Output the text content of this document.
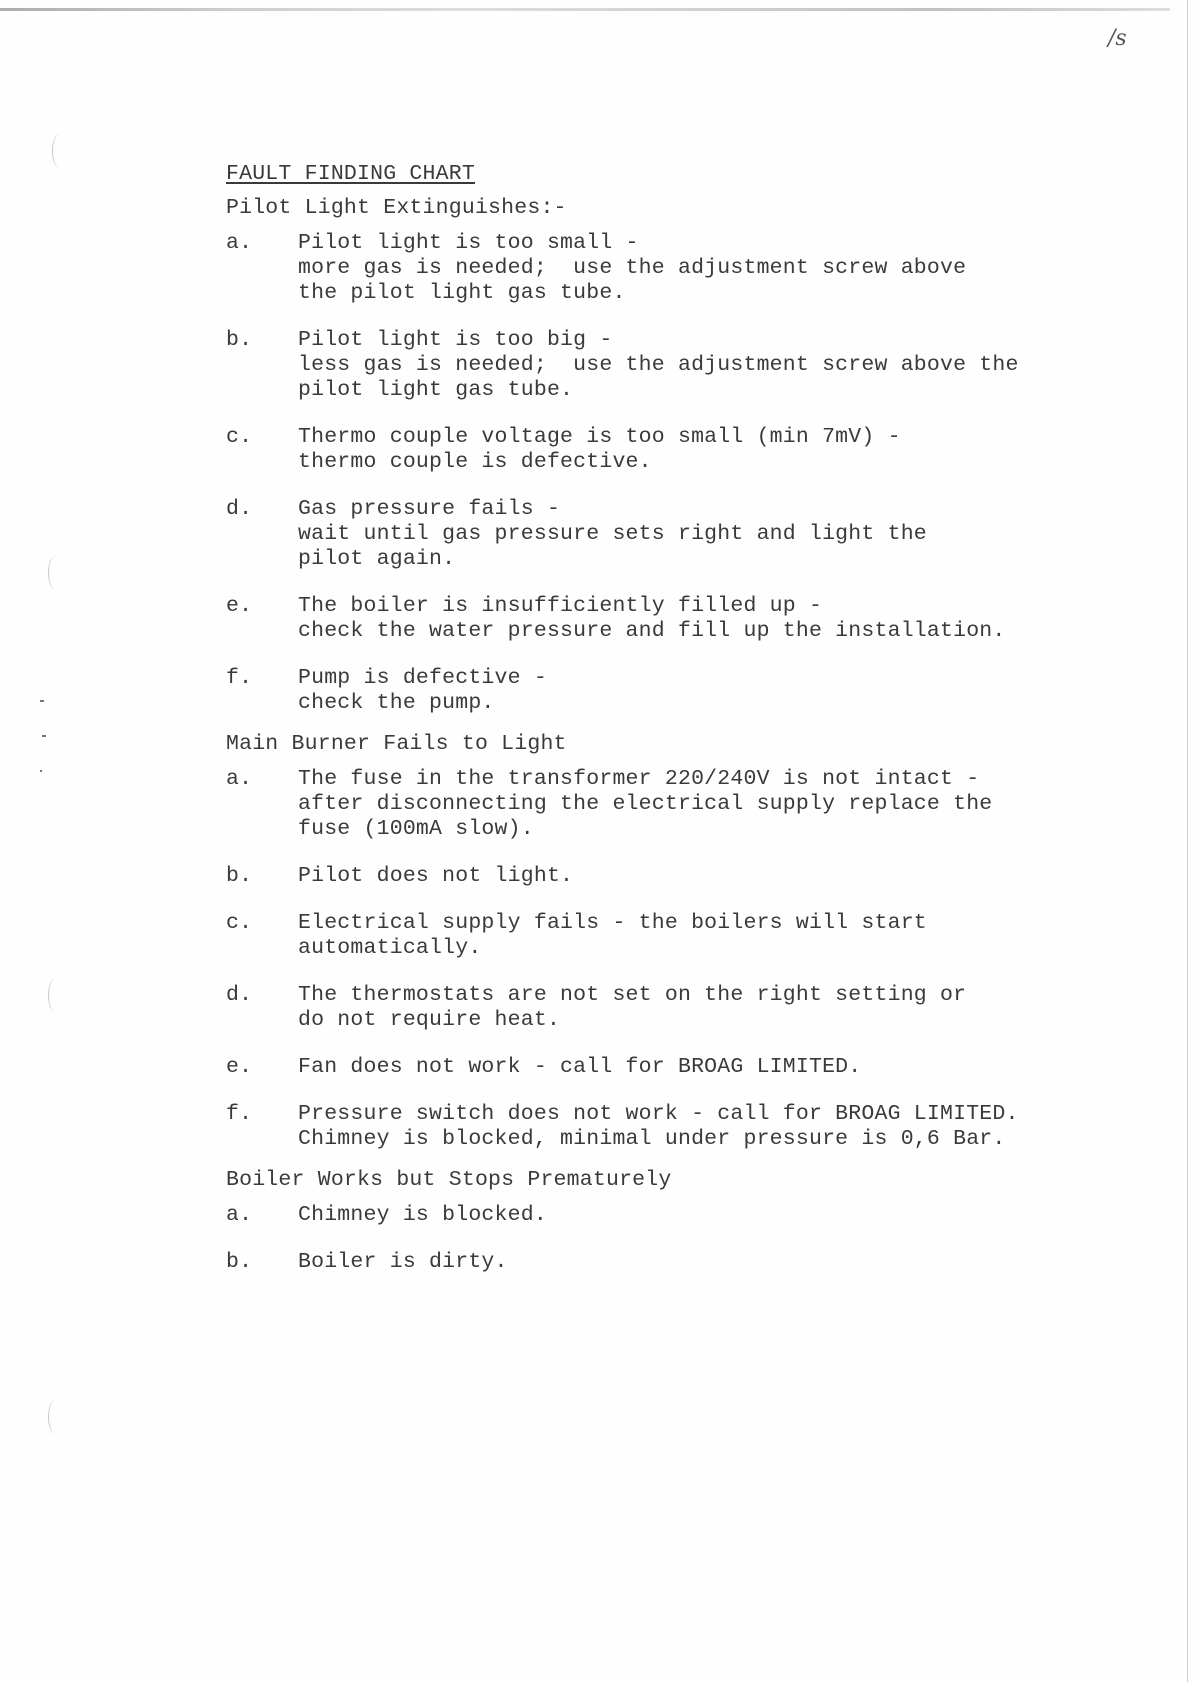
/s
FAULT FINDING CHART
Pilot Light Extinguishes:-
a.	Pilot light is too small -
more gas is needed;  use the adjustment screw above
the pilot light gas tube.
b.	Pilot light is too big -
less gas is needed;  use the adjustment screw above the
pilot light gas tube.
c.	Thermo couple voltage is too small (min 7mV) -
thermo couple is defective.
d.	Gas pressure fails -
wait until gas pressure sets right and light the
pilot again.
e.	The boiler is insufficiently filled up -
check the water pressure and fill up the installation.
f.	Pump is defective -
check the pump.
Main Burner Fails to Light
a.	The fuse in the transformer 220/240V is not intact -
after disconnecting the electrical supply replace the
fuse (100mA slow).
b.	Pilot does not light.
c.	Electrical supply fails - the boilers will start
automatically.
d.	The thermostats are not set on the right setting or
do not require heat.
e.	Fan does not work - call for BROAG LIMITED.
f.	Pressure switch does not work - call for BROAG LIMITED.
Chimney is blocked, minimal under pressure is 0,6 Bar.
Boiler Works but Stops Prematurely
a.	Chimney is blocked.
b.	Boiler is dirty.
